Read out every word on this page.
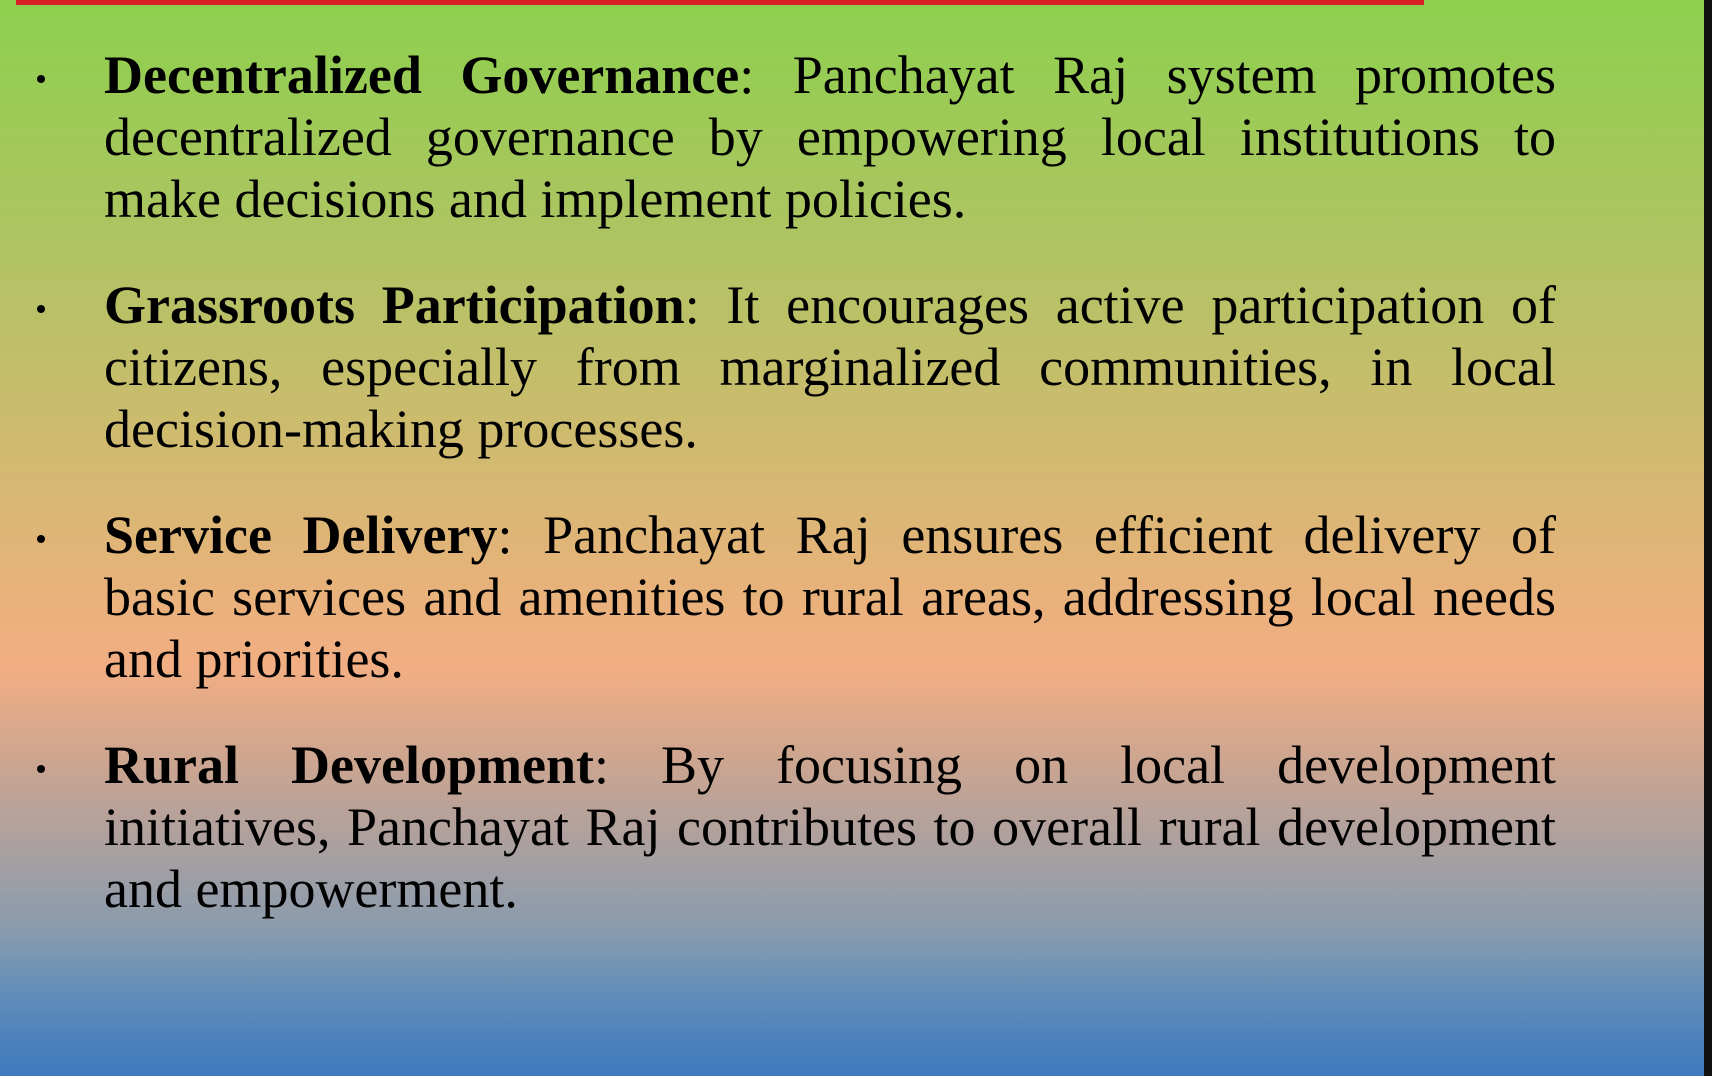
Decentralized Governance: Panchayat Raj system promotes decentralized governance by empowering local institutions to make decisions and implement policies.

Grassroots Participation: It encourages active participation of citizens, especially from marginalized communities, in local decision-making processes.

Service Delivery: Panchayat Raj ensures efficient delivery of basic services and amenities to rural areas, addressing local needs and priorities.

Rural Development: By focusing on local development initiatives, Panchayat Raj contributes to overall rural development and empowerment.
